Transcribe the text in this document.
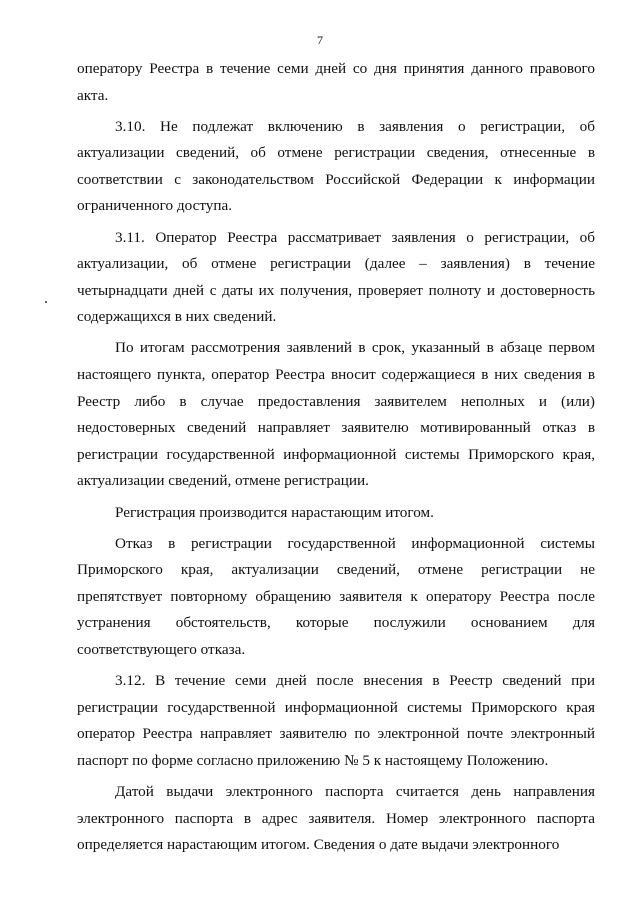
7

оператору Реестра в течение семи дней со дня принятия данного правового акта.

3.10. Не подлежат включению в заявления о регистрации, об актуализации сведений, об отмене регистрации сведения, отнесенные в соответствии с законодательством Российской Федерации к информации ограниченного доступа.

3.11. Оператор Реестра рассматривает заявления о регистрации, об актуализации, об отмене регистрации (далее – заявления) в течение четырнадцати дней с даты их получения, проверяет полноту и достоверность содержащихся в них сведений.

По итогам рассмотрения заявлений в срок, указанный в абзаце первом настоящего пункта, оператор Реестра вносит содержащиеся в них сведения в Реестр либо в случае предоставления заявителем неполных и (или) недостоверных сведений направляет заявителю мотивированный отказ в регистрации государственной информационной системы Приморского края, актуализации сведений, отмене регистрации.

Регистрация производится нарастающим итогом.

Отказ в регистрации государственной информационной системы Приморского края, актуализации сведений, отмене регистрации не препятствует повторному обращению заявителя к оператору Реестра после устранения обстоятельств, которые послужили основанием для соответствующего отказа.

3.12. В течение семи дней после внесения в Реестр сведений при регистрации государственной информационной системы Приморского края оператор Реестра направляет заявителю по электронной почте электронный паспорт по форме согласно приложению № 5 к настоящему Положению.

Датой выдачи электронного паспорта считается день направления электронного паспорта в адрес заявителя. Номер электронного паспорта определяется нарастающим итогом. Сведения о дате выдачи электронного
